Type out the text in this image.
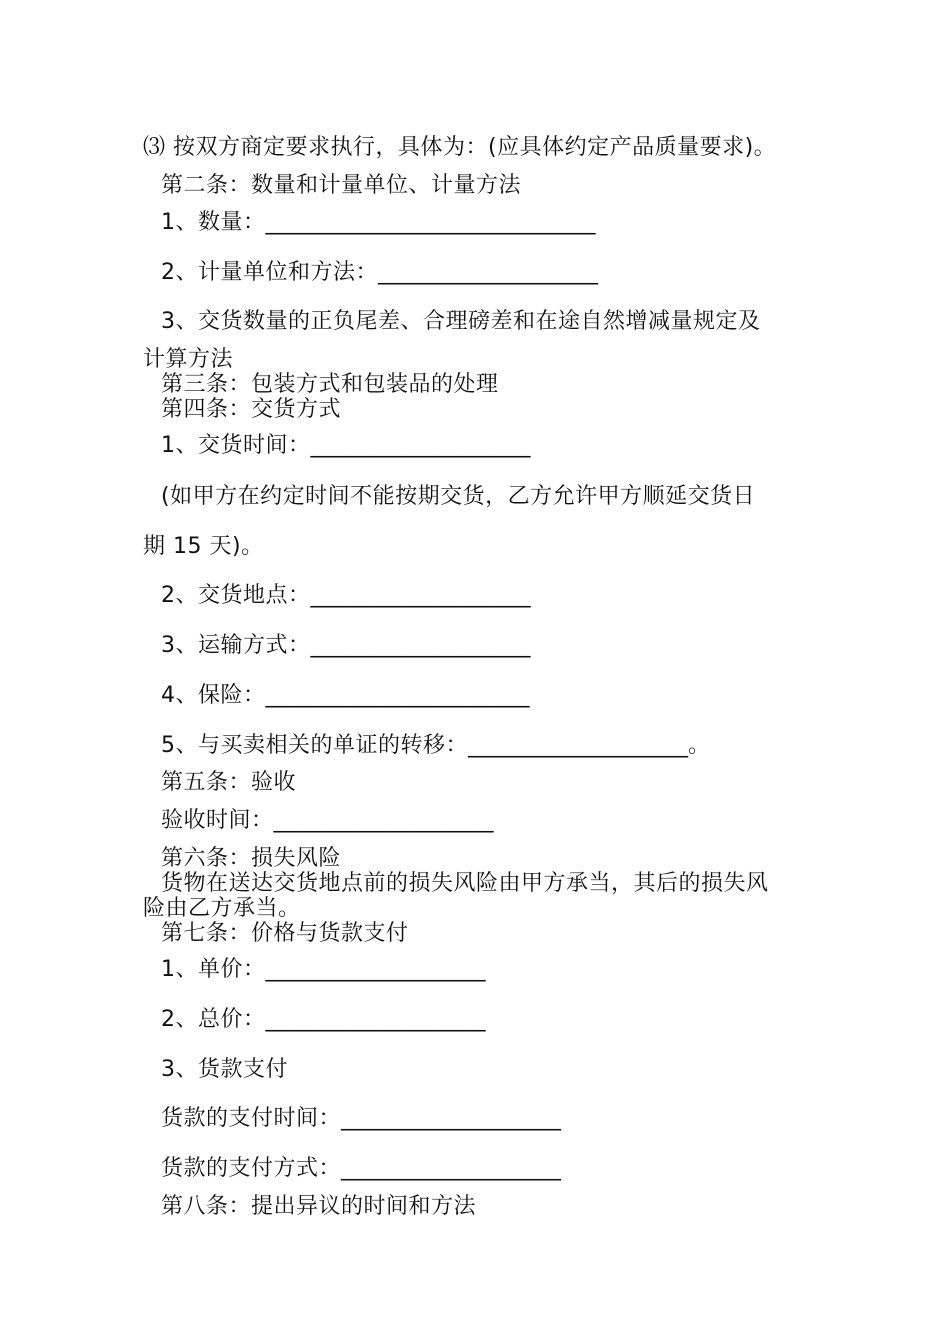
⑶ 按双方商定要求执行，具体为：(应具体约定产品质量要求)。
第二条：数量和计量单位、计量方法
1、数量：______________________________
2、计量单位和方法：____________________
3、交货数量的正负尾差、合理磅差和在途自然增减量规定及
计算方法
第三条：包装方式和包装品的处理
第四条：交货方式
1、交货时间：____________________
(如甲方在约定时间不能按期交货，乙方允许甲方顺延交货日
期 15 天)。
2、交货地点：____________________
3、运输方式：____________________
4、保险：________________________
5、与买卖相关的单证的转移：____________________。
第五条：验收
验收时间：____________________
第六条：损失风险
货物在送达交货地点前的损失风险由甲方承当，其后的损失风
险由乙方承当。
第七条：价格与货款支付
1、单价：____________________
2、总价：____________________
3、货款支付
货款的支付时间：____________________
货款的支付方式：____________________
第八条：提出异议的时间和方法
